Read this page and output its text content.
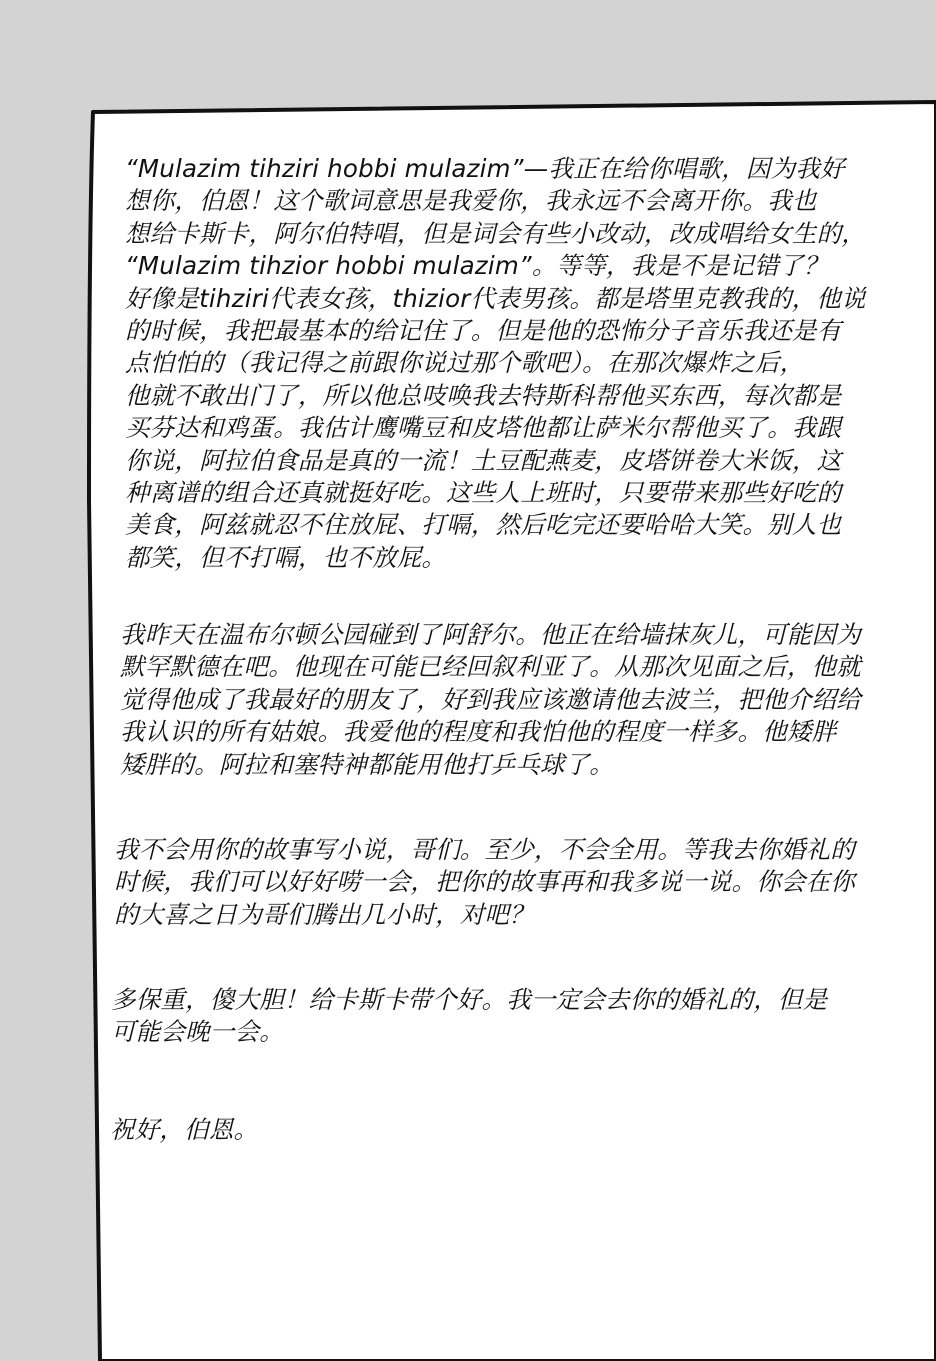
“Mulazim tihziri hobbi mulazim”—我正在给你唱歌，因为我好
想你，伯恩！这个歌词意思是我爱你，我永远不会离开你。我也
想给卡斯卡，阿尔伯特唱，但是词会有些小改动，改成唱给女生的，
“Mulazim tihzior hobbi mulazim”。等等，我是不是记错了？
好像是tihziri代表女孩，thizior代表男孩。都是塔里克教我的，他说
的时候，我把最基本的给记住了。但是他的恐怖分子音乐我还是有
点怕怕的（我记得之前跟你说过那个歌吧）。在那次爆炸之后，
他就不敢出门了，所以他总吱唤我去特斯科帮他买东西，每次都是
买芬达和鸡蛋。我估计鹰嘴豆和皮塔他都让萨米尔帮他买了。我跟
你说，阿拉伯食品是真的一流！土豆配燕麦，皮塔饼卷大米饭，这
种离谱的组合还真就挺好吃。这些人上班时，只要带来那些好吃的
美食，阿兹就忍不住放屁、打嗝，然后吃完还要哈哈大笑。别人也
都笑，但不打嗝，也不放屁。

我昨天在温布尔顿公园碰到了阿舒尔。他正在给墙抹灰儿，可能因为
默罕默德在吧。他现在可能已经回叙利亚了。从那次见面之后，他就
觉得他成了我最好的朋友了，好到我应该邀请他去波兰，把他介绍给
我认识的所有姑娘。我爱他的程度和我怕他的程度一样多。他矮胖
矮胖的。阿拉和塞特神都能用他打乒乓球了。

我不会用你的故事写小说，哥们。至少，不会全用。等我去你婚礼的
时候，我们可以好好唠一会，把你的故事再和我多说一说。你会在你
的大喜之日为哥们腾出几小时，对吧？

多保重，傻大胆！给卡斯卡带个好。我一定会去你的婚礼的，但是
可能会晚一会。

祝好，伯恩。
